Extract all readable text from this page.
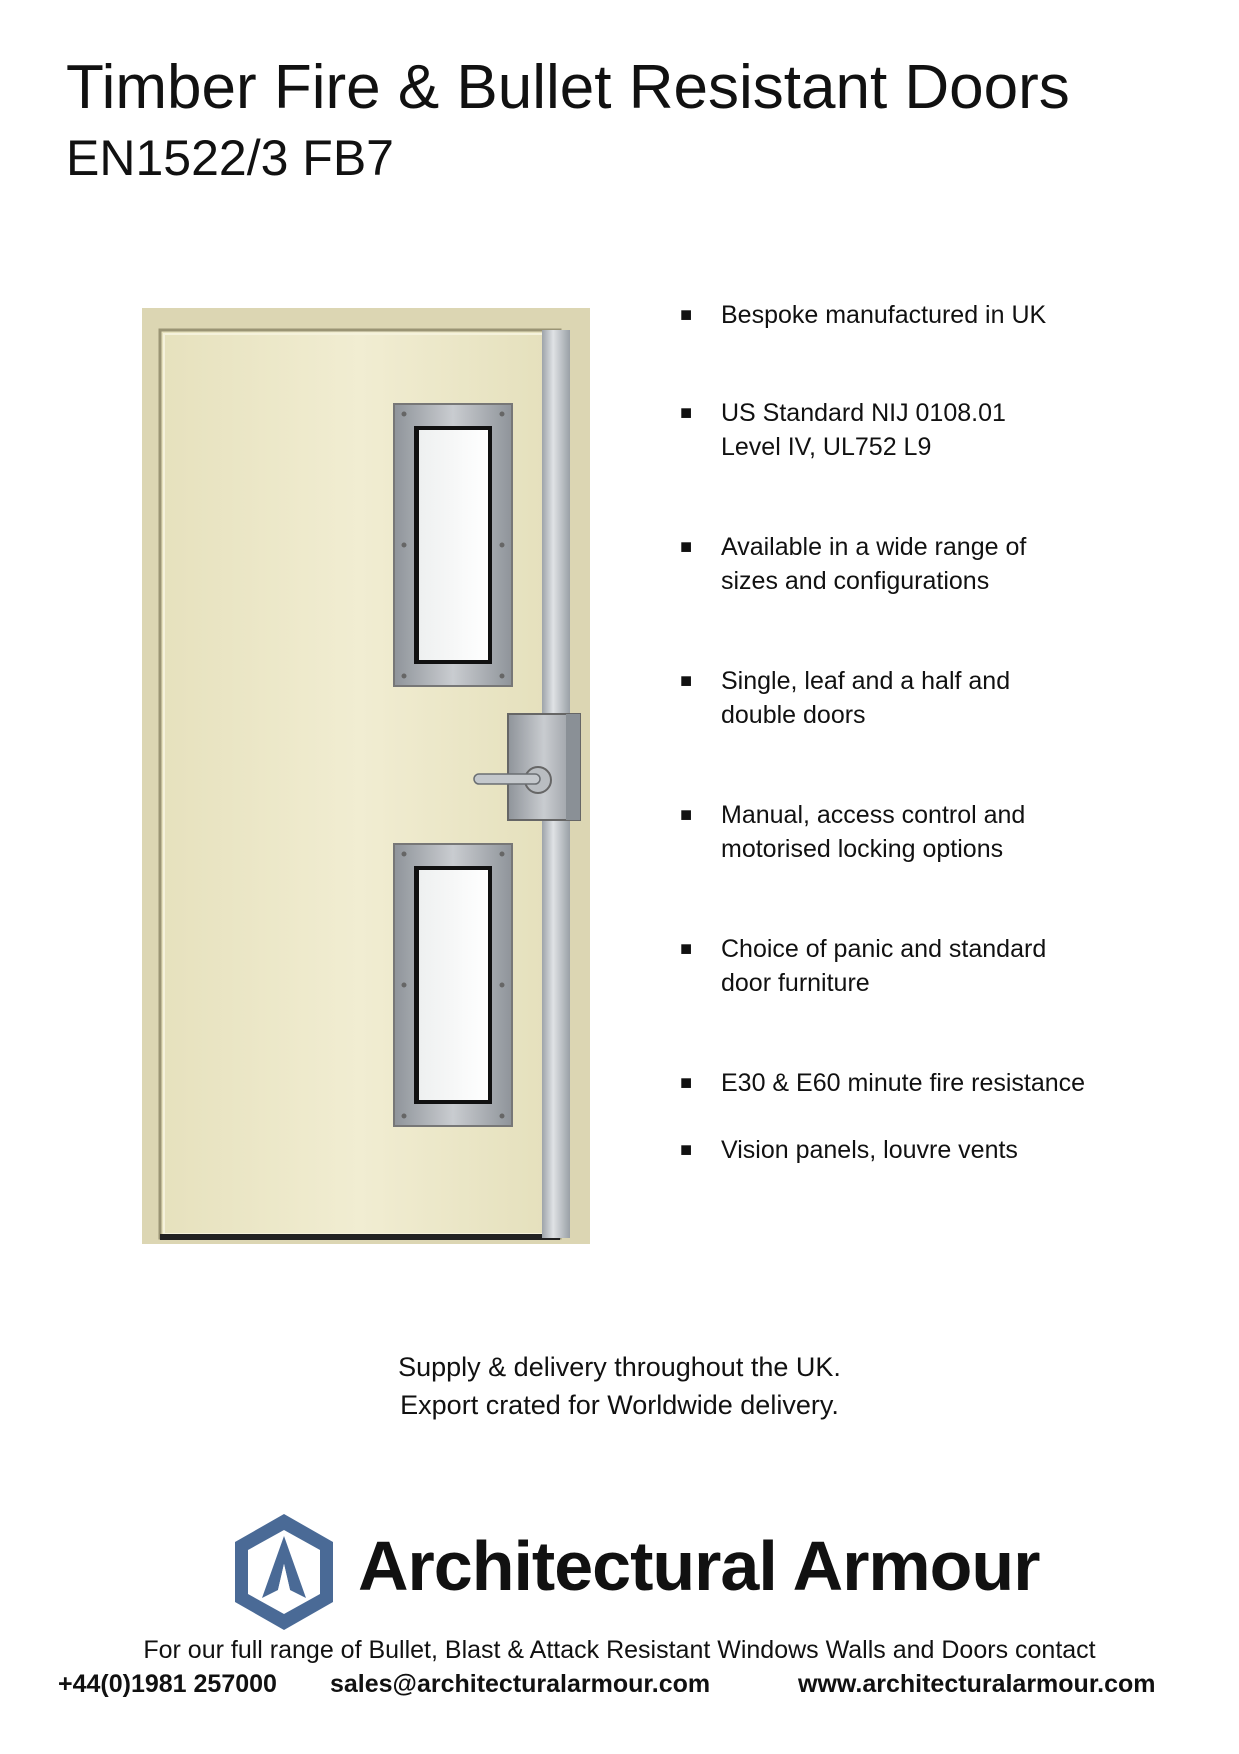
Timber Fire & Bullet Resistant Doors
EN1522/3 FB7
■ Bespoke manufactured in UK
■ US Standard NIJ 0108.01
Level IV, UL752 L9
■ Available in a wide range of
sizes and configurations
■ Single, leaf and a half and
double doors
■ Manual, access control and
motorised locking options
■ Choice of panic and standard
door furniture
■ E30 & E60 minute fire resistance
■ Vision panels, louvre vents
Supply & delivery throughout the UK.
Export crated for Worldwide delivery.
Architectural Armour
For our full range of Bullet, Blast & Attack Resistant Windows Walls and Doors contact
+44(0)1981 257000 sales@architecturalarmour.com	www.architecturalarmour.com
